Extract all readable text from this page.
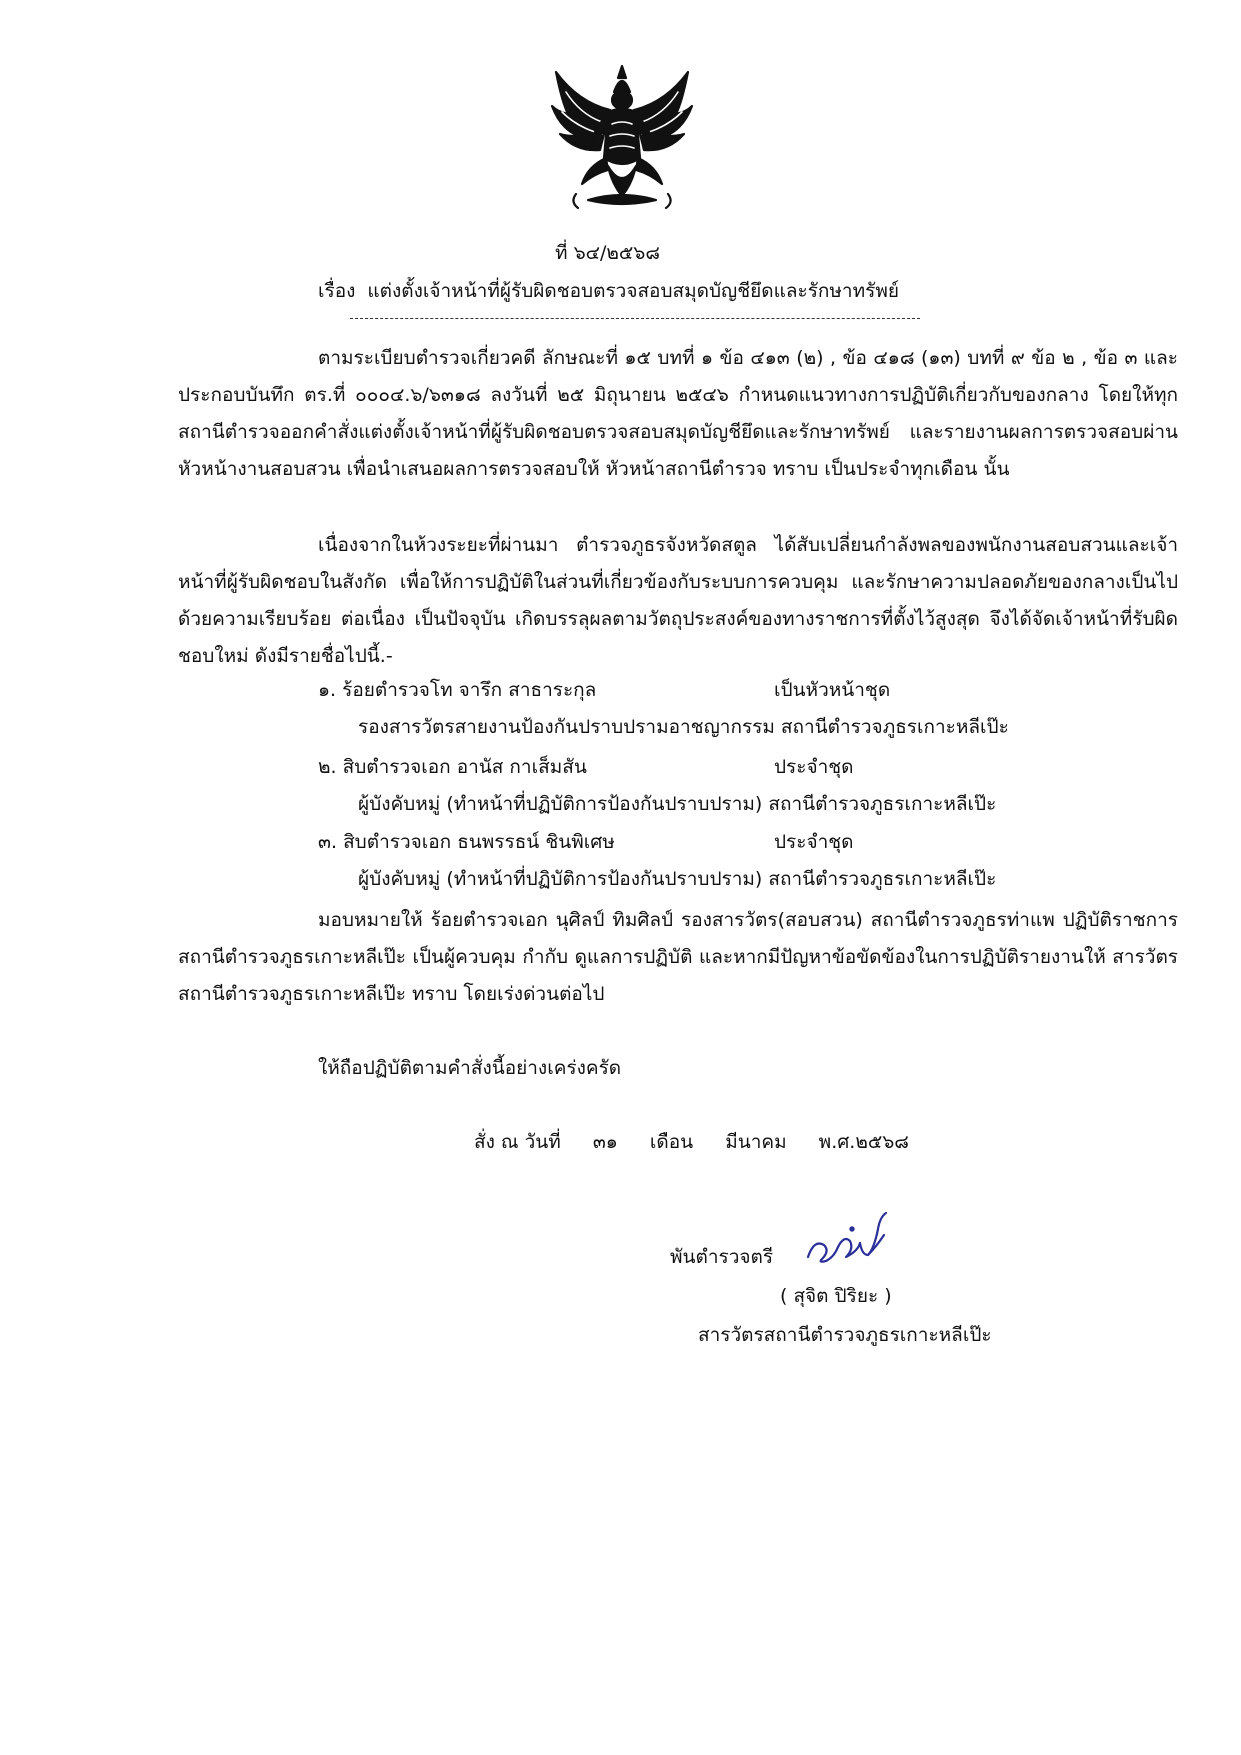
ที่ ๖๔/๒๕๖๘
เรื่อง แต่งตั้งเจ้าหน้าที่ผู้รับผิดชอบตรวจสอบสมุดบัญชียึดและรักษาทรัพย์
ตามระเบียบตำรวจเกี่ยวคดี ลักษณะที่ ๑๕ บทที่ ๑ ข้อ ๔๑๓ (๒) , ข้อ ๔๑๘ (๑๓) บทที่ ๙ ข้อ ๒ , ข้อ ๓ และประกอบบันทึก ตร.ที่ ๐๐๐๔.๖/๖๓๑๘ ลงวันที่ ๒๕ มิถุนายน ๒๕๔๖ กำหนดแนวทางการปฏิบัติเกี่ยวกับของกลาง โดยให้ทุกสถานีตำรวจออกคำสั่งแต่งตั้งเจ้าหน้าที่ผู้รับผิดชอบตรวจสอบสมุดบัญชียึดและรักษาทรัพย์ และรายงานผลการตรวจสอบผ่านหัวหน้างานสอบสวน เพื่อนำเสนอผลการตรวจสอบให้ หัวหน้าสถานีตำรวจ ทราบ เป็นประจำทุกเดือน นั้น
เนื่องจากในห้วงระยะที่ผ่านมา ตำรวจภูธรจังหวัดสตูล ได้สับเปลี่ยนกำลังพลของพนักงานสอบสวนและเจ้าหน้าที่ผู้รับผิดชอบในสังกัด เพื่อให้การปฏิบัติในส่วนที่เกี่ยวข้องกับระบบการควบคุม และรักษาความปลอดภัยของกลางเป็นไปด้วยความเรียบร้อย ต่อเนื่อง เป็นปัจจุบัน เกิดบรรลุผลตามวัตถุประสงค์ของทางราชการที่ตั้งไว้สูงสุด จึงได้จัดเจ้าหน้าที่รับผิดชอบใหม่ ดังมีรายชื่อไปนี้.-
๑. ร้อยตำรวจโท จารึก สาธาระกุล	เป็นหัวหน้าชุด
รองสารวัตรสายงานป้องกันปราบปรามอาชญากรรม สถานีตำรวจภูธรเกาะหลีเป๊ะ
๒. สิบตำรวจเอก อานัส กาเส็มสัน	ประจำชุด
ผู้บังคับหมู่ (ทำหน้าที่ปฏิบัติการป้องกันปราบปราม) สถานีตำรวจภูธรเกาะหลีเป๊ะ
๓. สิบตำรวจเอก ธนพรรธน์ ชินพิเศษ	ประจำชุด
ผู้บังคับหมู่ (ทำหน้าที่ปฏิบัติการป้องกันปราบปราม) สถานีตำรวจภูธรเกาะหลีเป๊ะ
มอบหมายให้ ร้อยตำรวจเอก นุศิลป์ ทิมศิลป์ รองสารวัตร(สอบสวน) สถานีตำรวจภูธรท่าแพ ปฏิบัติราชการ สถานีตำรวจภูธรเกาะหลีเป๊ะ เป็นผู้ควบคุม กำกับ ดูแลการปฏิบัติ และหากมีปัญหาข้อขัดข้องในการปฏิบัติรายงานให้ สารวัตรสถานีตำรวจภูธรเกาะหลีเป๊ะ ทราบ โดยเร่งด่วนต่อไป
ให้ถือปฏิบัติตามคำสั่งนี้อย่างเคร่งครัด
สั่ง ณ วันที่ ๓๑ เดือน มีนาคม พ.ศ.๒๕๖๘
พันตำรวจตรี
( สุจิต ปิริยะ )
สารวัตรสถานีตำรวจภูธรเกาะหลีเป๊ะ
